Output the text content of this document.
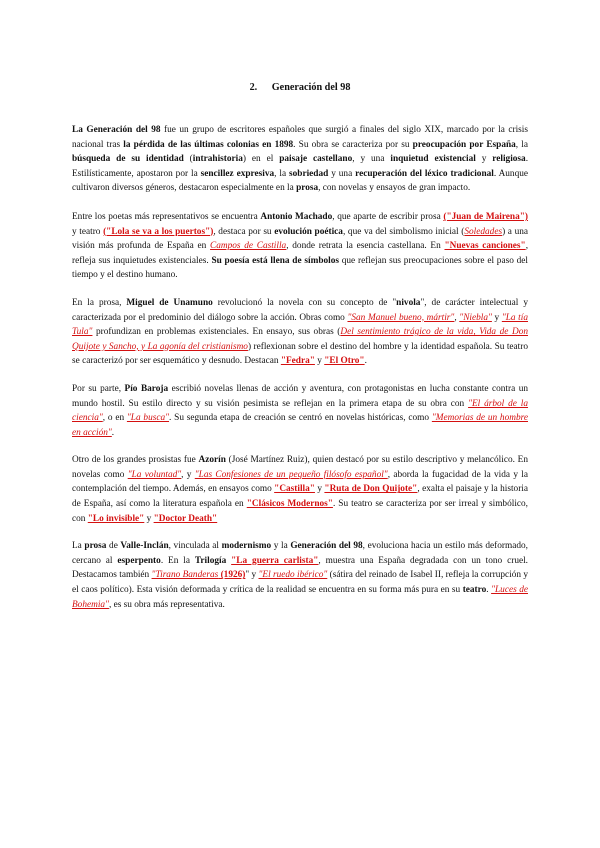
2. Generación del 98

La Generación del 98 fue un grupo de escritores españoles que surgió a finales del siglo XIX, marcado por la crisis nacional tras la pérdida de las últimas colonias en 1898. Su obra se caracteriza por su preocupación por España, la búsqueda de su identidad (intrahistoria) en el paisaje castellano, y una inquietud existencial y religiosa. Estilísticamente, apostaron por la sencillez expresiva, la sobriedad y una recuperación del léxico tradicional. Aunque cultivaron diversos géneros, destacaron especialmente en la prosa, con novelas y ensayos de gran impacto.

Entre los poetas más representativos se encuentra Antonio Machado, que aparte de escribir prosa ("Juan de Mairena") y teatro ("Lola se va a los puertos"), destaca por su evolución poética, que va del simbolismo inicial (Soledades) a una visión más profunda de España en Campos de Castilla, donde retrata la esencia castellana. En "Nuevas canciones", refleja sus inquietudes existenciales. Su poesía está llena de símbolos que reflejan sus preocupaciones sobre el paso del tiempo y el destino humano.

En la prosa, Miguel de Unamuno revolucionó la novela con su concepto de "nivola", de carácter intelectual y caracterizada por el predominio del diálogo sobre la acción. Obras como "San Manuel bueno, mártir", "Niebla" y "La tía Tula" profundizan en problemas existenciales. En ensayo, sus obras (Del sentimiento trágico de la vida, Vida de Don Quijote y Sancho, y La agonía del cristianismo) reflexionan sobre el destino del hombre y la identidad española. Su teatro se caracterizó por ser esquemático y desnudo. Destacan "Fedra" y "El Otro".

Por su parte, Pío Baroja escribió novelas llenas de acción y aventura, con protagonistas en lucha constante contra un mundo hostil. Su estilo directo y su visión pesimista se reflejan en la primera etapa de su obra con "El árbol de la ciencia", o en "La busca". Su segunda etapa de creación se centró en novelas históricas, como "Memorias de un hombre en acción".

Otro de los grandes prosistas fue Azorín (José Martínez Ruiz), quien destacó por su estilo descriptivo y melancólico. En novelas como "La voluntad", y "Las Confesiones de un pequeño filósofo español", aborda la fugacidad de la vida y la contemplación del tiempo. Además, en ensayos como "Castilla" y "Ruta de Don Quijote", exalta el paisaje y la historia de España, así como la literatura española en "Clásicos Modernos". Su teatro se caracteriza por ser irreal y simbólico, con "Lo invisible" y "Doctor Death"

La prosa de Valle-Inclán, vinculada al modernismo y la Generación del 98, evoluciona hacia un estilo más deformado, cercano al esperpento. En la Trilogía "La guerra carlista", muestra una España degradada con un tono cruel. Destacamos también "Tirano Banderas (1926)" y "El ruedo ibérico" (sátira del reinado de Isabel II, refleja la corrupción y el caos político). Esta visión deformada y crítica de la realidad se encuentra en su forma más pura en su teatro. "Luces de Bohemia", es su obra más representativa.
